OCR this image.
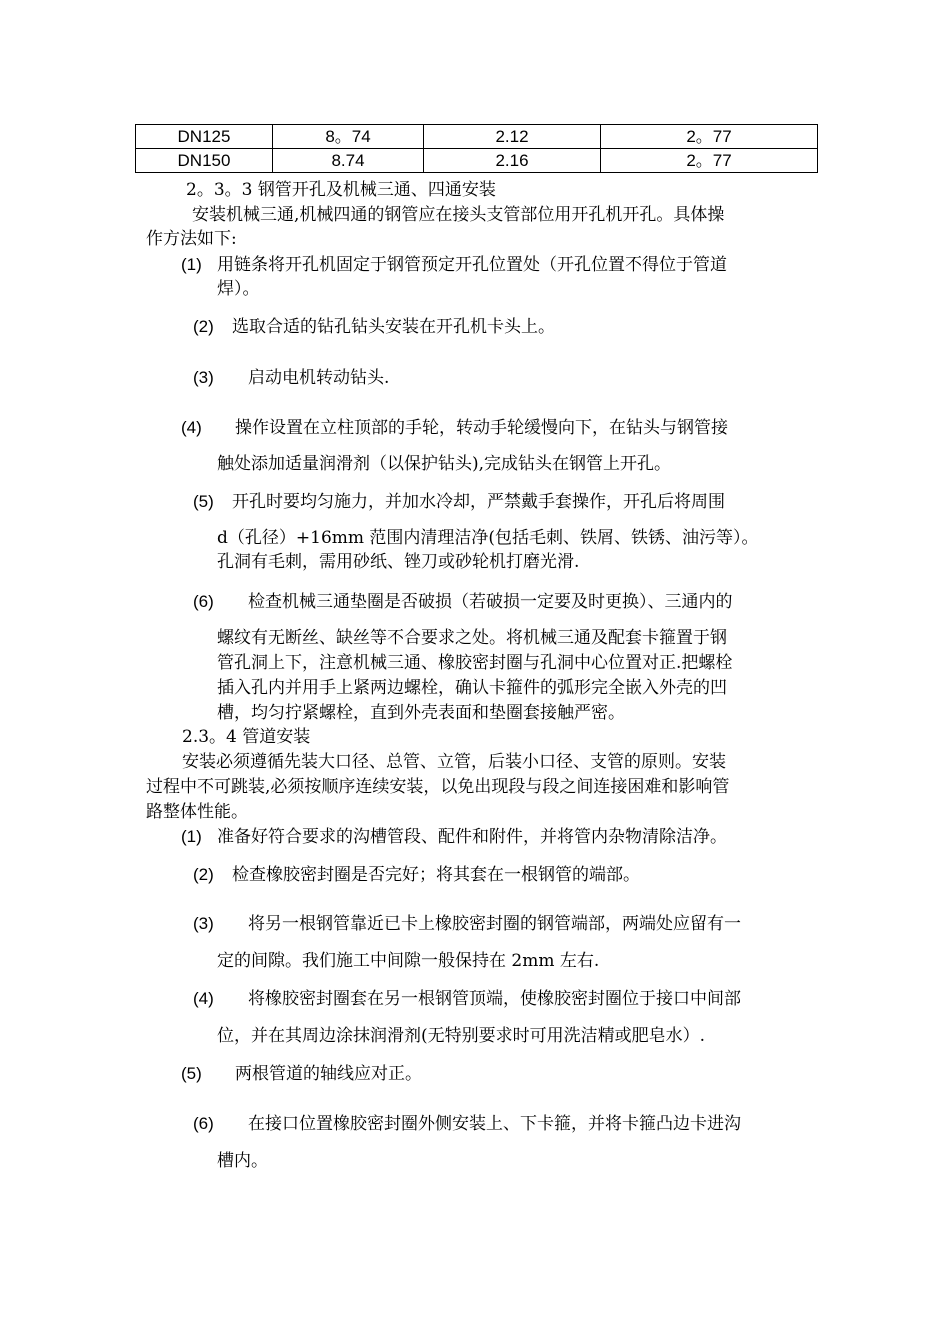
DN125	8。74	2.12	2。77
DN150	8.74	2.16	2。77
2。3。3 钢管开孔及机械三通、四通安装
安装机械三通,机械四通的钢管应在接头支管部位用开孔机开孔。具体操
作方法如下:
(1) 用链条将开孔机固定于钢管预定开孔位置处（开孔位置不得位于管道
焊）。
(2) 选取合适的钻孔钻头安装在开孔机卡头上。
(3) 启动电机转动钻头.
(4) 操作设置在立柱顶部的手轮，转动手轮缓慢向下，在钻头与钢管接
触处添加适量润滑剂（以保护钻头),完成钻头在钢管上开孔。
(5) 开孔时要均匀施力，并加水冷却，严禁戴手套操作，开孔后将周围
d（孔径）+16mm 范围内清理洁净(包括毛刺、铁屑、铁锈、油污等）。
孔洞有毛刺，需用砂纸、锉刀或砂轮机打磨光滑.
(6) 检查机械三通垫圈是否破损（若破损一定要及时更换）、三通内的
螺纹有无断丝、缺丝等不合要求之处。将机械三通及配套卡箍置于钢
管孔洞上下，注意机械三通、橡胶密封圈与孔洞中心位置对正.把螺栓
插入孔内并用手上紧两边螺栓，确认卡箍件的弧形完全嵌入外壳的凹
槽，均匀拧紧螺栓，直到外壳表面和垫圈套接触严密。
2.3。4 管道安装
安装必须遵循先装大口径、总管、立管，后装小口径、支管的原则。安装
过程中不可跳装,必须按顺序连续安装，以免出现段与段之间连接困难和影响管
路整体性能。
(1) 准备好符合要求的沟槽管段、配件和附件，并将管内杂物清除洁净。
(2) 检查橡胶密封圈是否完好；将其套在一根钢管的端部。
(3) 将另一根钢管靠近已卡上橡胶密封圈的钢管端部，两端处应留有一
定的间隙。我们施工中间隙一般保持在 2mm 左右.
(4) 将橡胶密封圈套在另一根钢管顶端，使橡胶密封圈位于接口中间部
位，并在其周边涂抹润滑剂(无特别要求时可用洗洁精或肥皂水）.
(5) 两根管道的轴线应对正。
(6) 在接口位置橡胶密封圈外侧安装上、下卡箍，并将卡箍凸边卡进沟
槽内。
